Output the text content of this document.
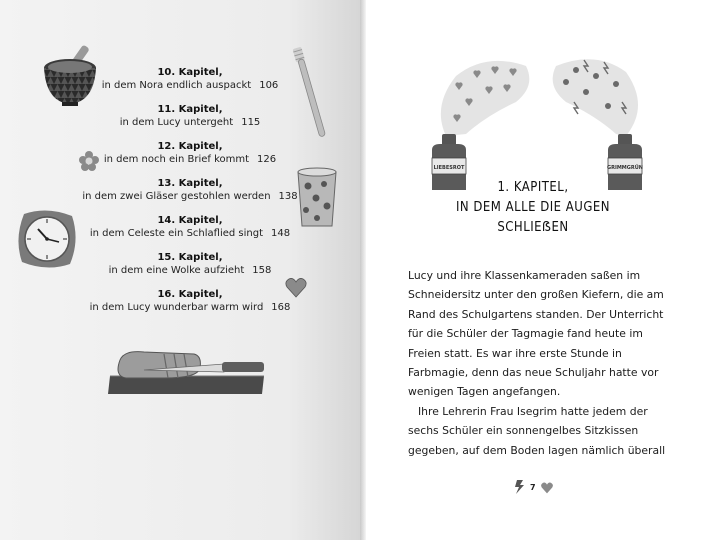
10. Kapitel,
in dem Nora endlich auspackt 106
11. Kapitel,
in dem Lucy untergeht 115
12. Kapitel,
in dem noch ein Brief kommt 126
13. Kapitel,
in dem zwei Gläser gestohlen werden 138
14. Kapitel,
in dem Celeste ein Schlaflied singt 148
15. Kapitel,
in dem eine Wolke aufzieht 158
16. Kapitel,
in dem Lucy wunderbar warm wird 168
LIEBESROT	GRIMMGRÜN
1. KAPITEL,
IN DEM ALLE DIE AUGEN
SCHLIEẞEN

Lucy und ihre Klassenkameraden saßen im Schneidersitz unter den großen Kiefern, die am Rand des Schulgartens standen. Der Unterricht für die Schüler der Tagmagie fand heute im Freien statt. Es war ihre erste Stunde in Farbmagie, denn das neue Schuljahr hatte vor wenigen Tagen angefangen.

Ihre Lehrerin Frau Isegrim hatte jedem der sechs Schüler ein sonnengelbes Sitzkissen gegeben, auf dem Boden lagen nämlich überall

7
